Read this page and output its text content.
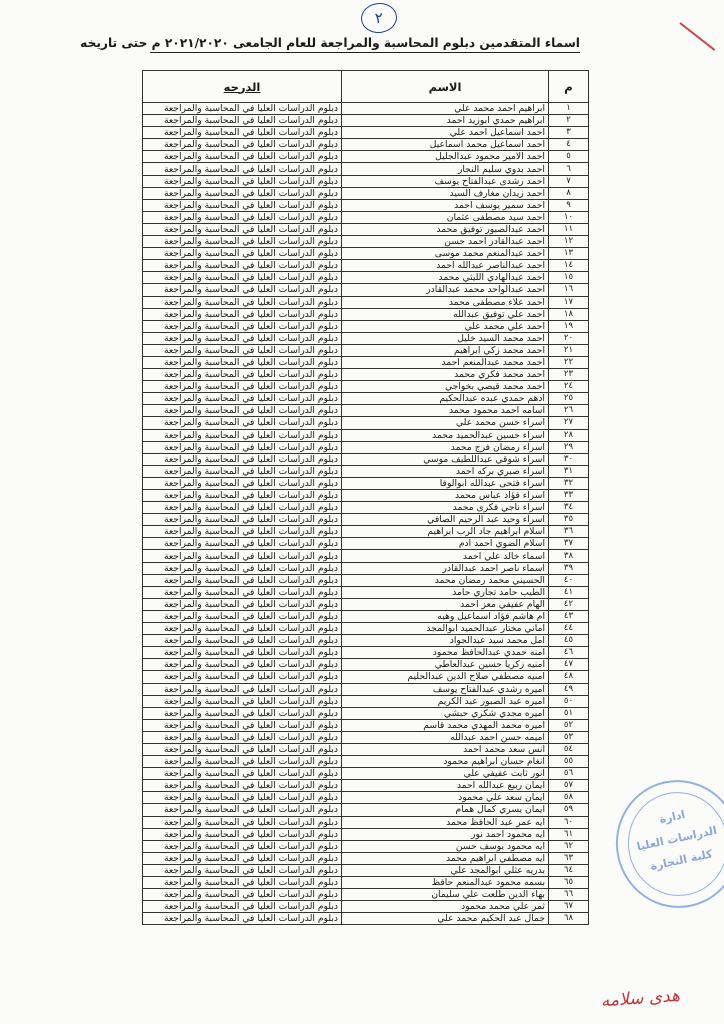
٢
اسماء المتقدمين دبلوم المحاسبة والمراجعة للعام الجامعى ٢٠٢١/٢٠٢٠ م حتى تاريخه
م	الاسم	الدرجه
١	ابراهيم احمد محمد علي	دبلوم الدراسات العليا في المحاسبة والمراجعة
٢	ابراهيم حمدي ابوزيد احمد	دبلوم الدراسات العليا في المحاسبة والمراجعة
٣	احمد اسماعيل احمد علي	دبلوم الدراسات العليا في المحاسبة والمراجعة
٤	احمد اسماعيل محمد اسماعيل	دبلوم الدراسات العليا في المحاسبة والمراجعة
٥	احمد الامير محمود عبدالجليل	دبلوم الدراسات العليا في المحاسبة والمراجعة
٦	احمد بدوي سليم النجار	دبلوم الدراسات العليا في المحاسبة والمراجعة
٧	احمد رشدى عبدالفتاح يوسف	دبلوم الدراسات العليا في المحاسبة والمراجعة
٨	احمد زيدان مغارف السيد	دبلوم الدراسات العليا في المحاسبة والمراجعة
٩	احمد سمير يوسف احمد	دبلوم الدراسات العليا في المحاسبة والمراجعة
١٠	احمد سيد مصطفى عثمان	دبلوم الدراسات العليا في المحاسبة والمراجعة
١١	احمد عبدالصبور توفيق محمد	دبلوم الدراسات العليا في المحاسبة والمراجعة
١٢	احمد عبدالقادر احمد حسن	دبلوم الدراسات العليا في المحاسبة والمراجعة
١٣	احمد عبدالمنعم محمد موسى	دبلوم الدراسات العليا في المحاسبة والمراجعة
١٤	احمد عبدالناصر عبدالله احمد	دبلوم الدراسات العليا في المحاسبة والمراجعة
١٥	احمد عبدالهادي الليثي محمد	دبلوم الدراسات العليا في المحاسبة والمراجعة
١٦	احمد عبدالواحد محمد عبدالقادر	دبلوم الدراسات العليا في المحاسبة والمراجعة
١٧	احمد علاء مصطفى محمد	دبلوم الدراسات العليا في المحاسبة والمراجعة
١٨	احمد علي توفيق عبدالله	دبلوم الدراسات العليا في المحاسبة والمراجعة
١٩	احمد علي محمد علي	دبلوم الدراسات العليا في المحاسبة والمراجعة
٢٠	احمد محمد السيد خليل	دبلوم الدراسات العليا في المحاسبة والمراجعة
٢١	احمد محمد زكي ابراهيم	دبلوم الدراسات العليا في المحاسبة والمراجعة
٢٢	احمد محمد عبدالمنعم احمد	دبلوم الدراسات العليا في المحاسبة والمراجعة
٢٣	احمد محمد فكري محمد	دبلوم الدراسات العليا في المحاسبة والمراجعة
٢٤	احمد محمد قيصي بخواجي	دبلوم الدراسات العليا في المحاسبة والمراجعة
٢٥	ادهم حمدي عبده عبدالحكيم	دبلوم الدراسات العليا في المحاسبة والمراجعة
٢٦	اسامه احمد محمود محمد	دبلوم الدراسات العليا في المحاسبة والمراجعة
٢٧	اسراء حسن محمد علي	دبلوم الدراسات العليا في المحاسبة والمراجعة
٢٨	اسراء حسين عبدالحميد محمد	دبلوم الدراسات العليا في المحاسبة والمراجعة
٢٩	اسراء رمضان فرج محمد	دبلوم الدراسات العليا في المحاسبة والمراجعة
٣٠	اسراء شوقي عبداللطيف موسي	دبلوم الدراسات العليا في المحاسبة والمراجعة
٣١	اسراء صبري بركه احمد	دبلوم الدراسات العليا في المحاسبة والمراجعة
٣٢	اسراء فتحى عبدالله ابوالوفا	دبلوم الدراسات العليا في المحاسبة والمراجعة
٣٣	اسراء فؤاد عباس محمد	دبلوم الدراسات العليا في المحاسبة والمراجعة
٣٤	اسراء ناجي فكرى محمد	دبلوم الدراسات العليا في المحاسبة والمراجعة
٣٥	اسراء وحيد عبد الرحيم الصافي	دبلوم الدراسات العليا في المحاسبة والمراجعة
٣٦	اسلام ابراهيم جاد الرب ابراهيم	دبلوم الدراسات العليا في المحاسبة والمراجعة
٣٧	اسلام الضوي احمد ادم	دبلوم الدراسات العليا في المحاسبة والمراجعة
٣٨	اسماء خالد علي احمد	دبلوم الدراسات العليا في المحاسبة والمراجعة
٣٩	اسماء ناصر احمد عبدالقادر	دبلوم الدراسات العليا في المحاسبة والمراجعة
٤٠	الحسيني محمد رمضان محمد	دبلوم الدراسات العليا في المحاسبة والمراجعة
٤١	الطيب حامد تجاري حامد	دبلوم الدراسات العليا في المحاسبة والمراجعة
٤٢	الهام عفيفي معز احمد	دبلوم الدراسات العليا في المحاسبة والمراجعة
٤٣	ام هاشم فؤاد اسماعيل وهبه	دبلوم الدراسات العليا في المحاسبة والمراجعة
٤٤	اماني مختار عبدالحميد ابوالمجد	دبلوم الدراسات العليا في المحاسبة والمراجعة
٤٥	امل محمد سيد عبدالجواد	دبلوم الدراسات العليا في المحاسبة والمراجعة
٤٦	امنه حمدي عبدالحافظ محمود	دبلوم الدراسات العليا في المحاسبة والمراجعة
٤٧	امنيه زكريا حسين عبدالعاطي	دبلوم الدراسات العليا في المحاسبة والمراجعة
٤٨	امنيه مصطفي صلاح الدين عبدالحليم	دبلوم الدراسات العليا في المحاسبة والمراجعة
٤٩	اميره رشدي عبدالفتاح يوسف	دبلوم الدراسات العليا في المحاسبة والمراجعة
٥٠	اميره عبد الصبور عبد الكريم	دبلوم الدراسات العليا في المحاسبة والمراجعة
٥١	اميره مجدي شكري حبشي	دبلوم الدراسات العليا في المحاسبة والمراجعة
٥٢	اميره محمد المهدي محمد قاسم	دبلوم الدراسات العليا في المحاسبة والمراجعة
٥٣	اميمه حسن احمد عبدالله	دبلوم الدراسات العليا في المحاسبة والمراجعة
٥٤	انس سعد محمد احمد	دبلوم الدراسات العليا في المحاسبة والمراجعة
٥٥	انغام حسان ابراهيم محمود	دبلوم الدراسات العليا في المحاسبة والمراجعة
٥٦	انور ثابت عفيفي علي	دبلوم الدراسات العليا في المحاسبة والمراجعة
٥٧	ايمان ربيع عبدالله احمد	دبلوم الدراسات العليا في المحاسبة والمراجعة
٥٨	ايمان سعد علي محمود	دبلوم الدراسات العليا في المحاسبة والمراجعة
٥٩	ايمان يسري كمال همام	دبلوم الدراسات العليا في المحاسبة والمراجعة
٦٠	ايه عمر عبد الحافظ محمد	دبلوم الدراسات العليا في المحاسبة والمراجعة
٦١	ايه محمود احمد نور	دبلوم الدراسات العليا في المحاسبة والمراجعة
٦٢	ايه محمود يوسف حسن	دبلوم الدراسات العليا في المحاسبة والمراجعة
٦٣	ايه مصطفي ابراهيم محمد	دبلوم الدراسات العليا في المحاسبة والمراجعة
٦٤	بدريه عثلي ابوالمجد علي	دبلوم الدراسات العليا في المحاسبة والمراجعة
٦٥	بسمه محمود عبدالمنعم حافظ	دبلوم الدراسات العليا في المحاسبة والمراجعة
٦٦	بهاء الدين طلعت علي سليمان	دبلوم الدراسات العليا في المحاسبة والمراجعة
٦٧	ثمر علي محمد محمود	دبلوم الدراسات العليا في المحاسبة والمراجعة
٦٨	جمال عبد الحكيم محمد علي	دبلوم الدراسات العليا في المحاسبة والمراجعة
ادارة
الدراسات العليا
كلية التجارة
هدى سلامه
